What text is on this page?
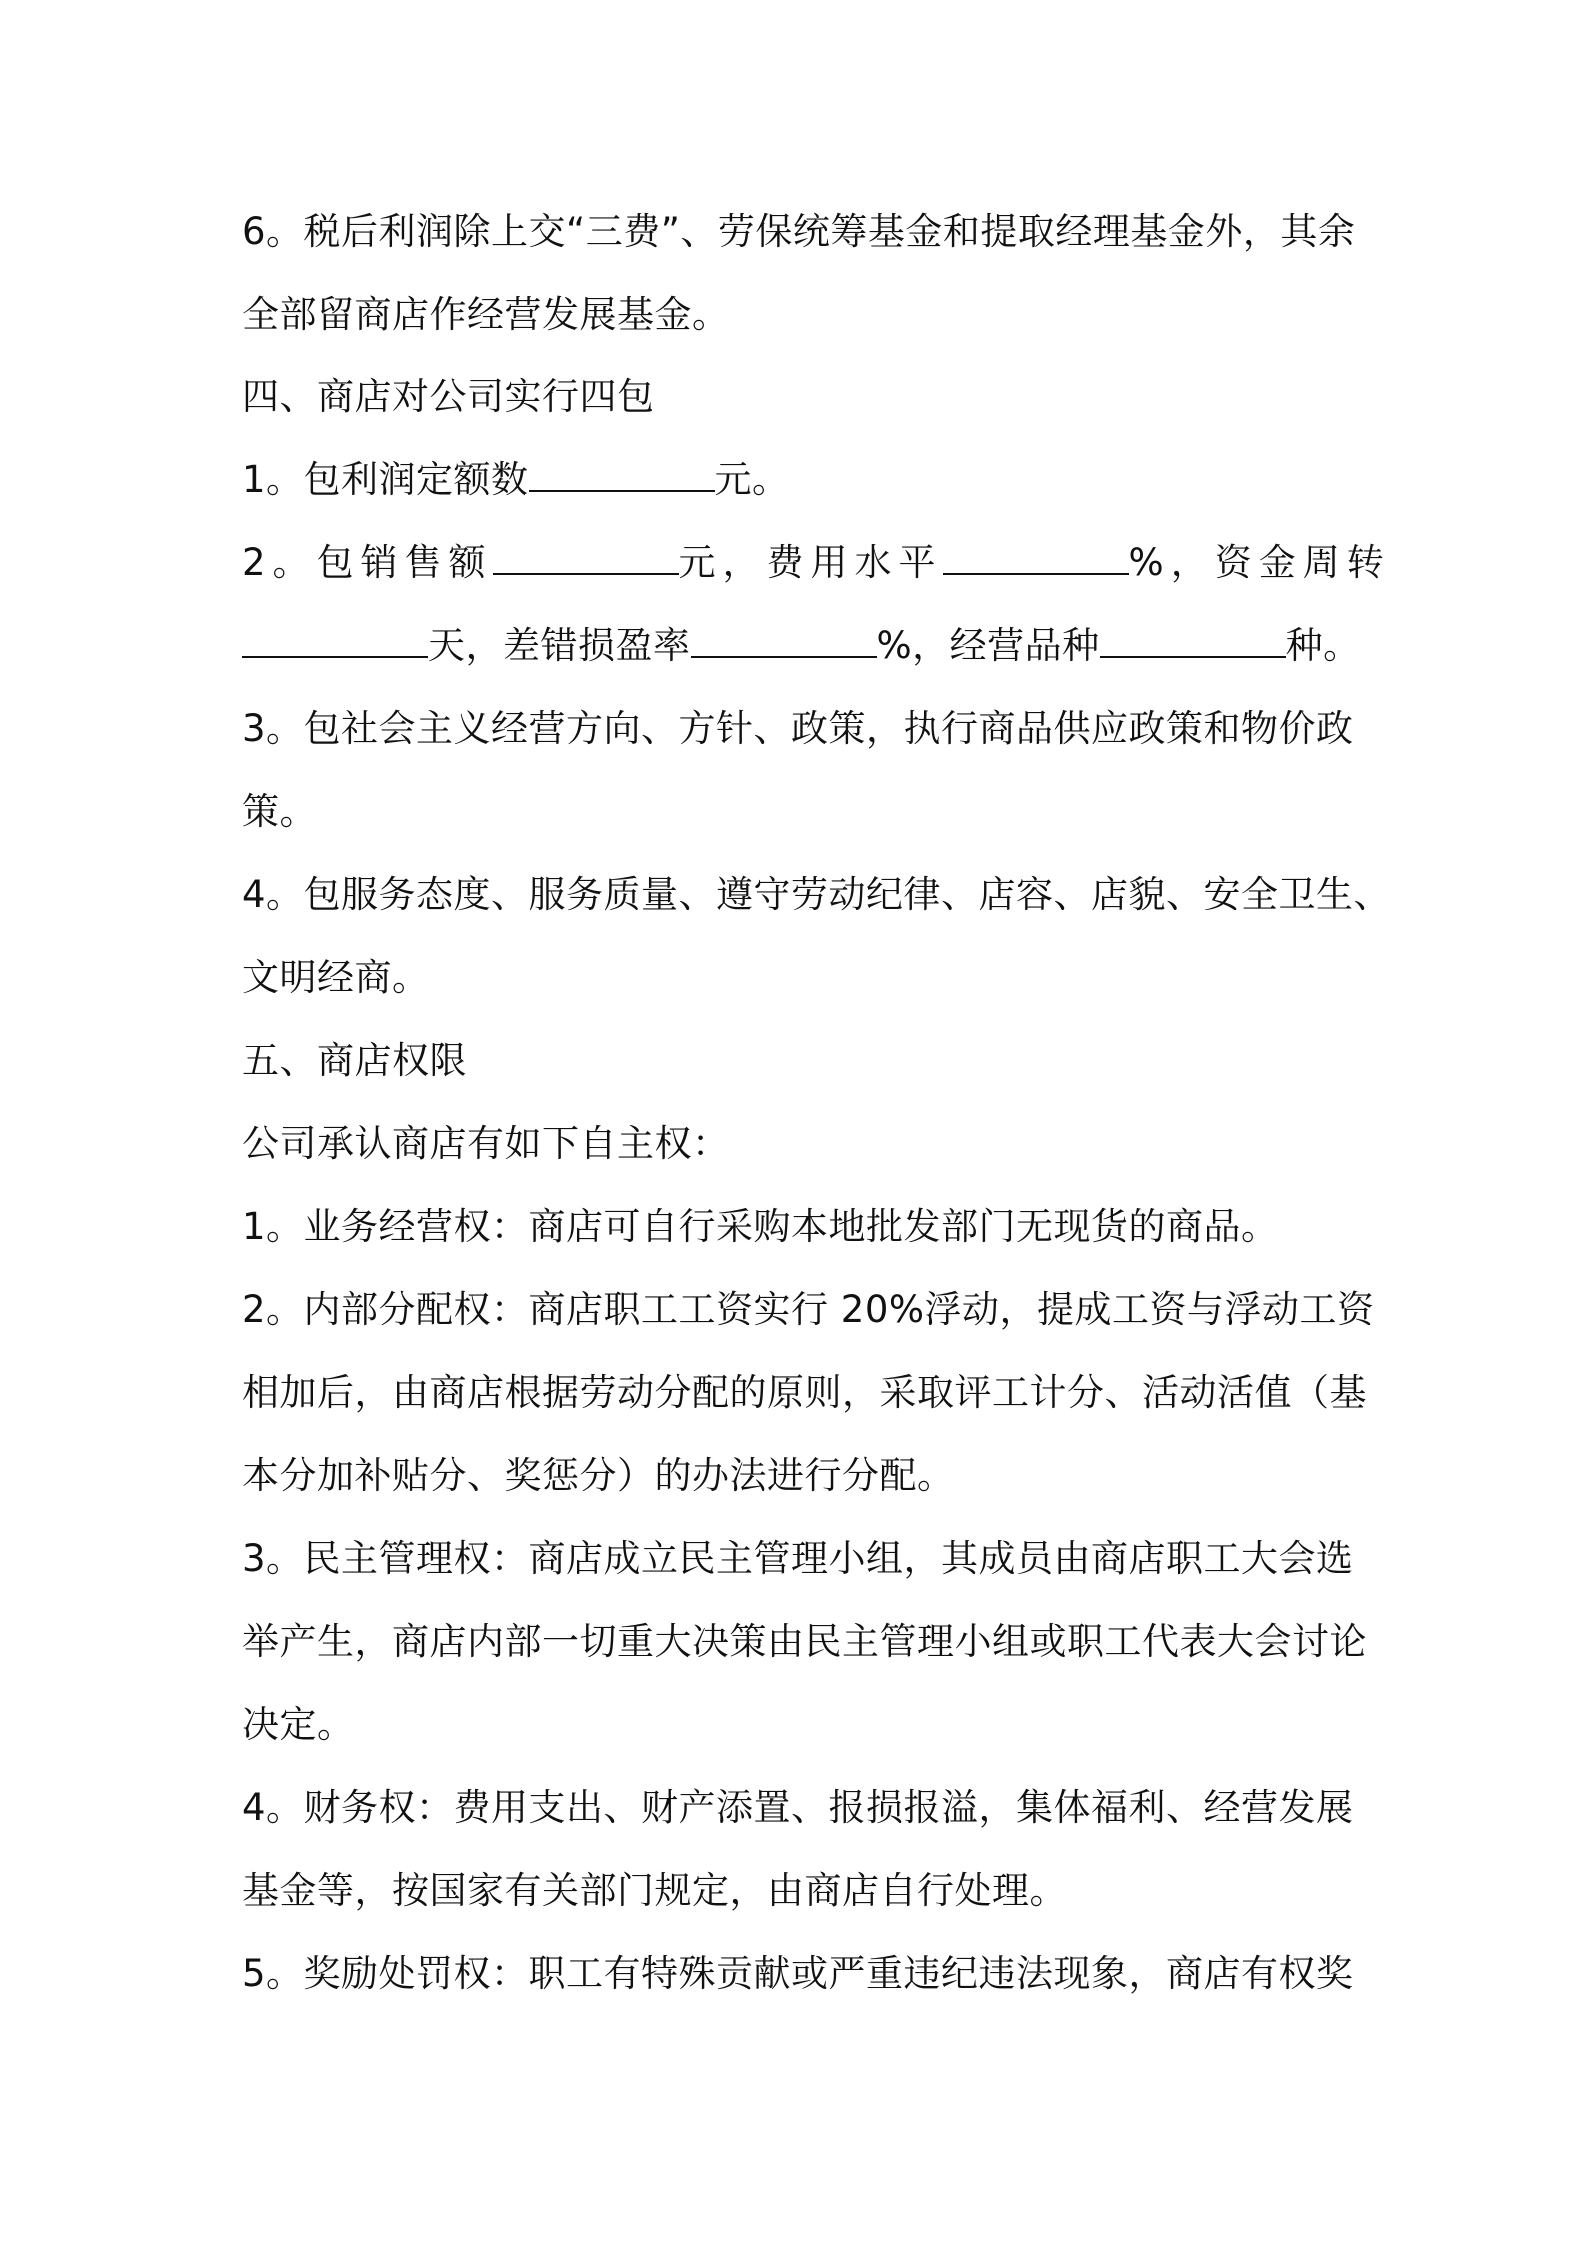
6。税后利润除上交“三费”、劳保统筹基金和提取经理基金外，其余
全部留商店作经营发展基金。
四、商店对公司实行四包
1。包利润定额数	元。
2。包销售额	元，费用水平	%，资金周转
天，差错损盈率	%，经营品种	种。
3。包社会主义经营方向、方针、政策，执行商品供应政策和物价政
策。
4。包服务态度、服务质量、遵守劳动纪律、店容、店貌、安全卫生、
文明经商。
五、商店权限
公司承认商店有如下自主权：
1。业务经营权：商店可自行采购本地批发部门无现货的商品。
2。内部分配权：商店职工工资实行 20%浮动，提成工资与浮动工资
相加后，由商店根据劳动分配的原则，采取评工计分、活动活值（基
本分加补贴分、奖惩分）的办法进行分配。
3。民主管理权：商店成立民主管理小组，其成员由商店职工大会选
举产生，商店内部一切重大决策由民主管理小组或职工代表大会讨论
决定。
4。财务权：费用支出、财产添置、报损报溢，集体福利、经营发展
基金等，按国家有关部门规定，由商店自行处理。
5。奖励处罚权：职工有特殊贡献或严重违纪违法现象，商店有权奖
